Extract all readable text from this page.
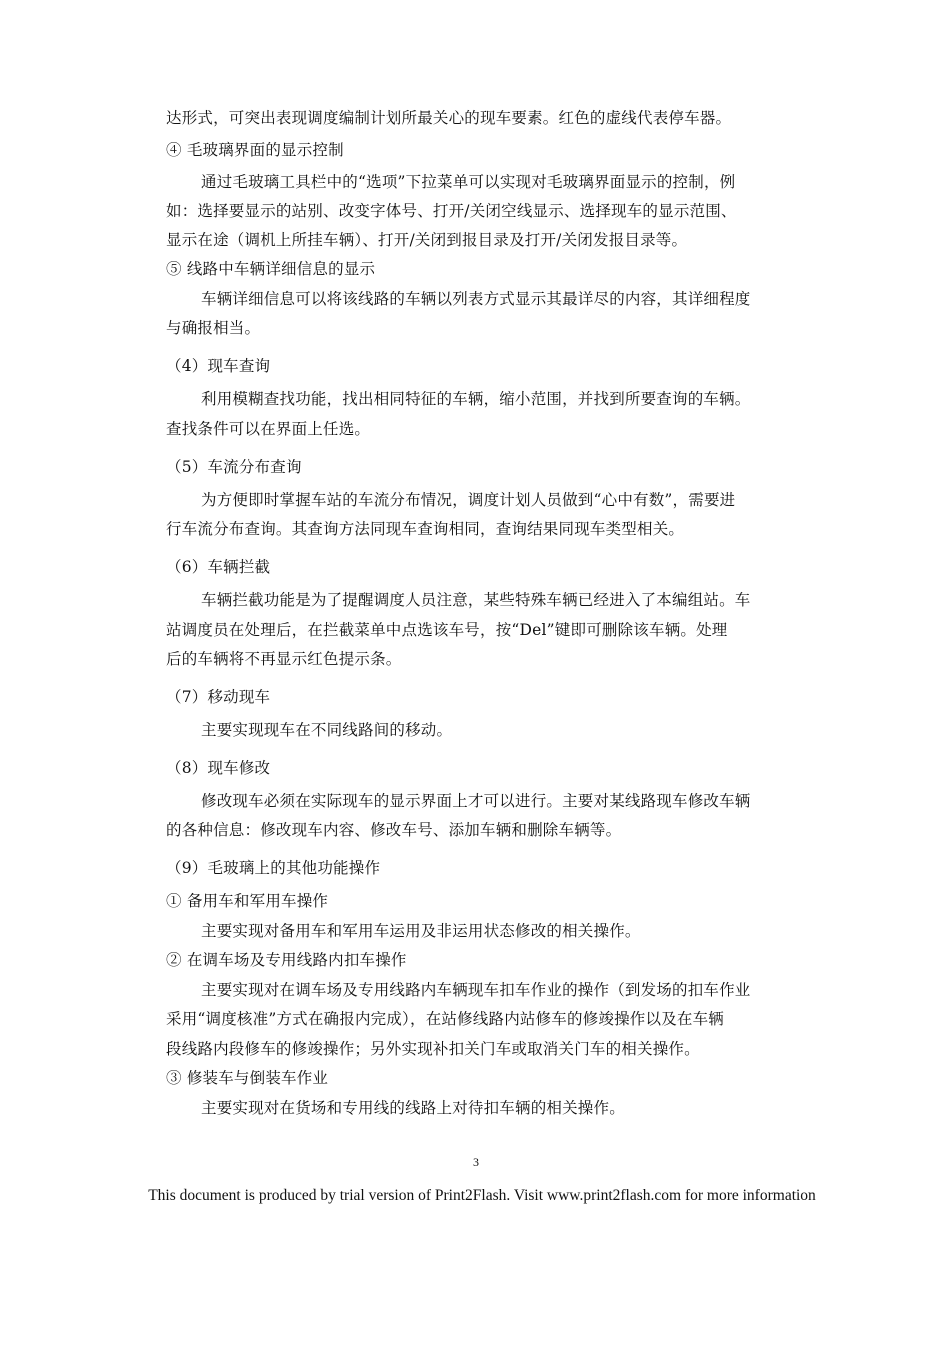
达形式，可突出表现调度编制计划所最关心的现车要素。红色的虚线代表停车器。
④ 毛玻璃界面的显示控制
通过毛玻璃工具栏中的“选项”下拉菜单可以实现对毛玻璃界面显示的控制，例
如：选择要显示的站别、改变字体号、打开/关闭空线显示、选择现车的显示范围、
显示在途（调机上所挂车辆）、打开/关闭到报目录及打开/关闭发报目录等。
⑤ 线路中车辆详细信息的显示
车辆详细信息可以将该线路的车辆以列表方式显示其最详尽的内容，其详细程度
与确报相当。
（4）现车查询
利用模糊查找功能，找出相同特征的车辆，缩小范围，并找到所要查询的车辆。
查找条件可以在界面上任选。
（5）车流分布查询
为方便即时掌握车站的车流分布情况，调度计划人员做到“心中有数”，需要进
行车流分布查询。其查询方法同现车查询相同，查询结果同现车类型相关。
（6）车辆拦截
车辆拦截功能是为了提醒调度人员注意，某些特殊车辆已经进入了本编组站。车
站调度员在处理后，在拦截菜单中点选该车号，按“Del”键即可删除该车辆。处理
后的车辆将不再显示红色提示条。
（7）移动现车
主要实现现车在不同线路间的移动。
（8）现车修改
修改现车必须在实际现车的显示界面上才可以进行。主要对某线路现车修改车辆
的各种信息：修改现车内容、修改车号、添加车辆和删除车辆等。
（9）毛玻璃上的其他功能操作
① 备用车和军用车操作
主要实现对备用车和军用车运用及非运用状态修改的相关操作。
② 在调车场及专用线路内扣车操作
主要实现对在调车场及专用线路内车辆现车扣车作业的操作（到发场的扣车作业
采用“调度核准”方式在确报内完成），在站修线路内站修车的修竣操作以及在车辆
段线路内段修车的修竣操作；另外实现补扣关门车或取消关门车的相关操作。
③ 修装车与倒装车作业
主要实现对在货场和专用线的线路上对待扣车辆的相关操作。
3
This document is produced by trial version of Print2Flash. Visit www.print2flash.com for more information
